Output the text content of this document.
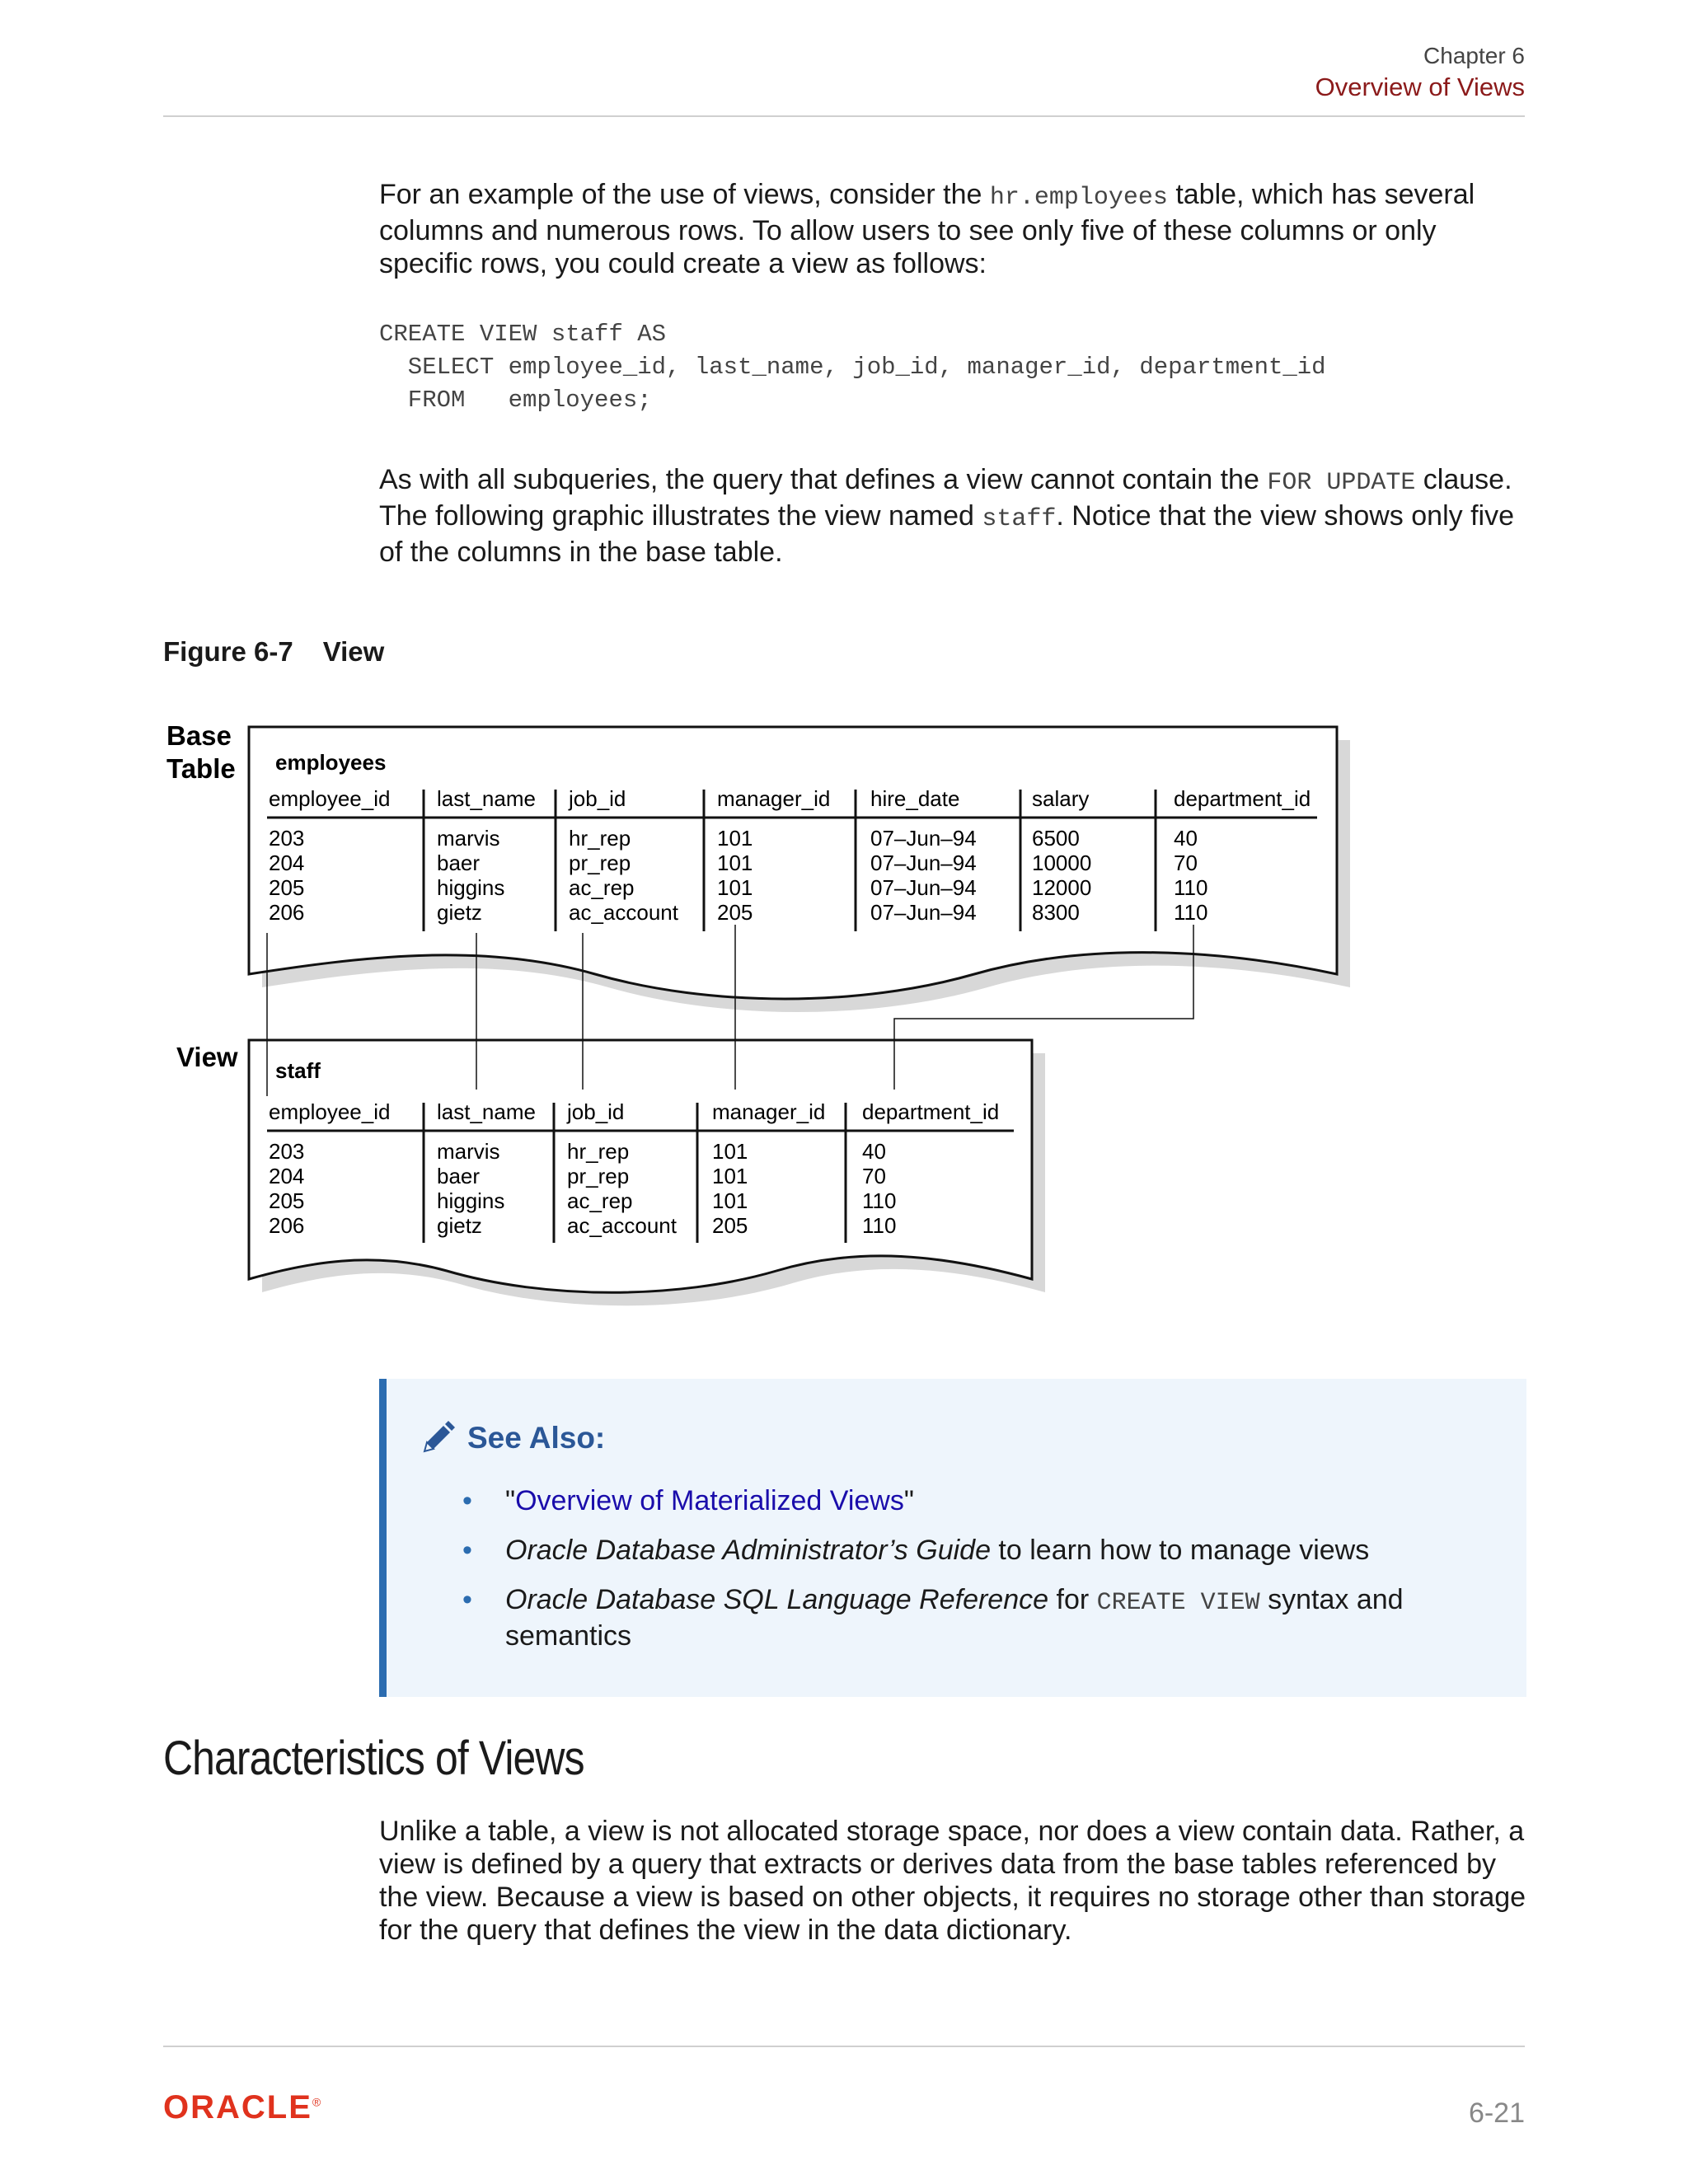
Chapter 6
Overview of Views

For an example of the use of views, consider the hr.employees table, which has several columns and numerous rows. To allow users to see only five of these columns or only specific rows, you could create a view as follows:

CREATE VIEW staff AS
SELECT employee_id, last_name, job_id, manager_id, department_id
FROM   employees;

As with all subqueries, the query that defines a view cannot contain the FOR UPDATE clause. The following graphic illustrates the view named staff. Notice that the view shows only five of the columns in the base table.

Figure 6-7 View
Base
Table
View
employees
staff
employee_id last_name job_id	manager_id hire_date	salary	department_id
203	marvis	hr_rep	101	07–Jun–94	6500	40
204	baer	pr_rep	101	07–Jun–94	10000	70
205	higgins	ac_rep	101	07–Jun–94	12000	110
206	gietz	ac_account 205	07–Jun–94	8300	110
employee_id last_name job_id	manager_id department_id
203	marvis	hr_rep	101	40
204	baer	pr_rep	101	70
205	higgins	ac_rep	101	110
206	gietz	ac_account 205	110
See Also:
• "Overview of Materialized Views"
• Oracle Database Administrator’s Guide to learn how to manage views
• Oracle Database SQL Language Reference for CREATE VIEW syntax and semantics
Characteristics of Views

Unlike a table, a view is not allocated storage space, nor does a view contain data. Rather, a view is defined by a query that extracts or derives data from the base tables referenced by the view. Because a view is based on other objects, it requires no storage other than storage for the query that defines the view in the data dictionary.

ORACLE®	6-21
